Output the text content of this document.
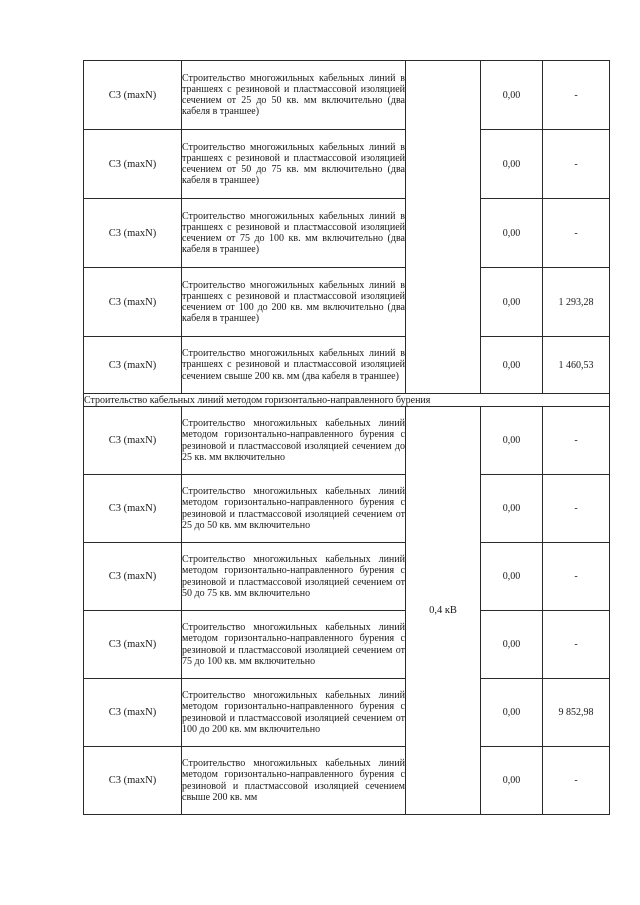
С3 (maxN)	Строительство многожильных кабельных линий в траншеях с резиновой и пластмассовой изоляцией сечением от 25 до 50 кв. мм включительно (два кабеля в траншее)		0,00	-
С3 (maxN)	Строительство многожильных кабельных линий в траншеях с резиновой и пластмассовой изоляцией сечением от 50 до 75 кв. мм включительно (два кабеля в траншее)		0,00	-
С3 (maxN)	Строительство многожильных кабельных линий в траншеях с резиновой и пластмассовой изоляцией сечением от 75 до 100 кв. мм включительно (два кабеля в траншее)		0,00	-
С3 (maxN)	Строительство многожильных кабельных линий в траншеях с резиновой и пластмассовой изоляцией сечением от 100 до 200 кв. мм включительно (два кабеля в траншее)		0,00	1 293,28
С3 (maxN)	Строительство многожильных кабельных линий в траншеях с резиновой и пластмассовой изоляцией сечением свыше 200 кв. мм (два кабеля в траншее)		0,00	1 460,53
Строительство кабельных линий методом горизонтально-направленного бурения				
С3 (maxN)	Строительство многожильных кабельных линий методом горизонтально-направленного бурения с резиновой и пластмассовой изоляцией сечением до 25 кв. мм включительно	0,4 кВ	0,00	-
С3 (maxN)	Строительство многожильных кабельных линий методом горизонтально-направленного бурения с резиновой и пластмассовой изоляцией сечением от 25 до 50 кв. мм включительно		0,00	-
С3 (maxN)	Строительство многожильных кабельных линий методом горизонтально-направленного бурения с резиновой и пластмассовой изоляцией сечением от 50 до 75 кв. мм включительно		0,00	-
С3 (maxN)	Строительство многожильных кабельных линий методом горизонтально-направленного бурения с резиновой и пластмассовой изоляцией сечением от 75 до 100 кв. мм включительно		0,00	-
С3 (maxN)	Строительство многожильных кабельных линий методом горизонтально-направленного бурения с резиновой и пластмассовой изоляцией сечением от 100 до 200 кв. мм включительно		0,00	9 852,98
С3 (maxN)	Строительство многожильных кабельных линий методом горизонтально-направленного бурения с резиновой и пластмассовой изоляцией сечением свыше 200 кв. мм		0,00	-
